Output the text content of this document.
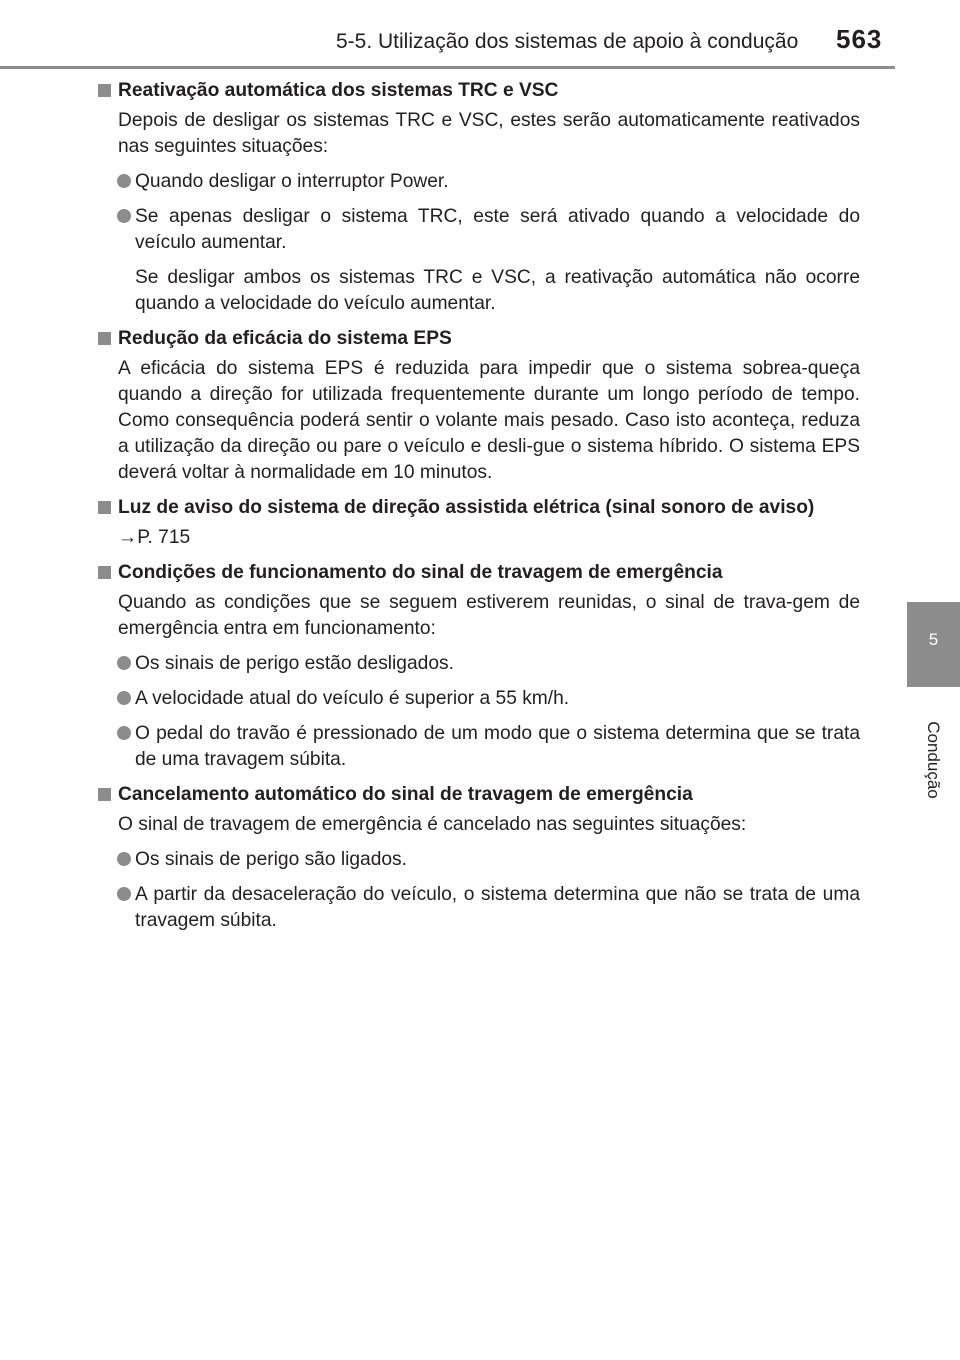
5-5. Utilização dos sistemas de apoio à condução 563
5
Condução
Reativação automática dos sistemas TRC e VSC
Depois de desligar os sistemas TRC e VSC, estes serão automaticamente reativados nas seguintes situações:
Quando desligar o interruptor Power.
Se apenas desligar o sistema TRC, este será ativado quando a velocidade do veículo aumentar.
Se desligar ambos os sistemas TRC e VSC, a reativação automática não ocorre quando a velocidade do veículo aumentar.
Redução da eficácia do sistema EPS
A eficácia do sistema EPS é reduzida para impedir que o sistema sobrea-queça quando a direção for utilizada frequentemente durante um longo período de tempo. Como consequência poderá sentir o volante mais pesado. Caso isto aconteça, reduza a utilização da direção ou pare o veículo e desli-gue o sistema híbrido. O sistema EPS deverá voltar à normalidade em 10 minutos.
Luz de aviso do sistema de direção assistida elétrica (sinal sonoro de aviso)
→P. 715
Condições de funcionamento do sinal de travagem de emergência
Quando as condições que se seguem estiverem reunidas, o sinal de trava-gem de emergência entra em funcionamento:
Os sinais de perigo estão desligados.
A velocidade atual do veículo é superior a 55 km/h.
O pedal do travão é pressionado de um modo que o sistema determina que se trata de uma travagem súbita.
Cancelamento automático do sinal de travagem de emergência
O sinal de travagem de emergência é cancelado nas seguintes situações:
Os sinais de perigo são ligados.
A partir da desaceleração do veículo, o sistema determina que não se trata de uma travagem súbita.
